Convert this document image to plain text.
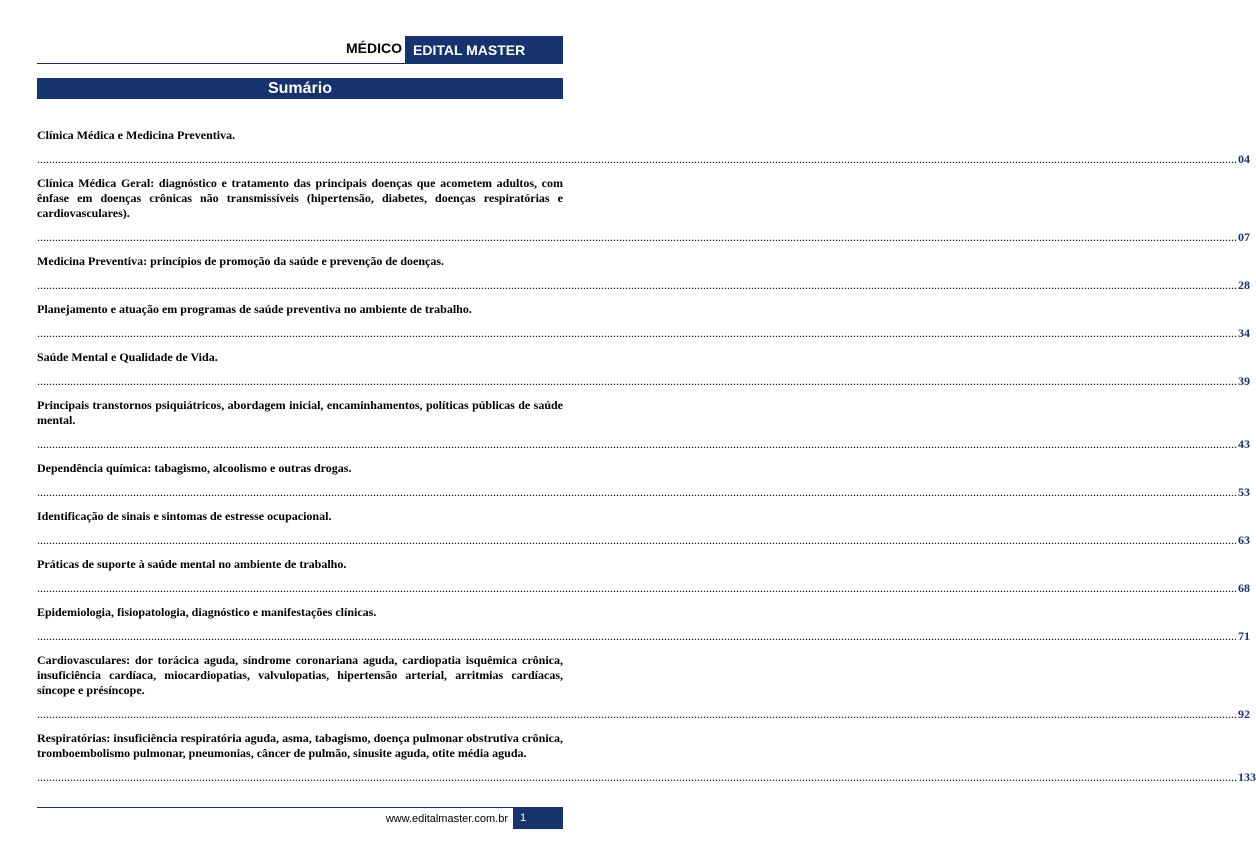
MÉDICO EDITAL MASTER
Sumário
Clínica Médica e Medicina Preventiva.
................................................................................................................................................................................................................................................................................................................................................................................................................ 04
Clínica Médica Geral: diagnóstico e tratamento das principais doenças que acometem adultos, com ênfase em doenças crônicas não transmissíveis (hipertensão, diabetes, doenças respiratórias e cardiovasculares).
................................................................................................................................................................................................................................................................................................................................................................................................................ 07
Medicina Preventiva: princípios de promoção da saúde e prevenção de doenças.
................................................................................................................................................................................................................................................................................................................................................................................................................ 28
Planejamento e atuação em programas de saúde preventiva no ambiente de trabalho.
................................................................................................................................................................................................................................................................................................................................................................................................................ 34
Saúde Mental e Qualidade de Vida.
................................................................................................................................................................................................................................................................................................................................................................................................................ 39
Principais transtornos psiquiátricos, abordagem inicial, encaminhamentos, políticas públicas de saúde mental.
................................................................................................................................................................................................................................................................................................................................................................................................................ 43
Dependência química: tabagismo, alcoolismo e outras drogas.
................................................................................................................................................................................................................................................................................................................................................................................................................ 53
Identificação de sinais e sintomas de estresse ocupacional.
................................................................................................................................................................................................................................................................................................................................................................................................................ 63
Práticas de suporte à saúde mental no ambiente de trabalho.
................................................................................................................................................................................................................................................................................................................................................................................................................ 68
Epidemiologia, fisiopatologia, diagnóstico e manifestações clínicas.
................................................................................................................................................................................................................................................................................................................................................................................................................ 71
Cardiovasculares: dor torácica aguda, síndrome coronariana aguda, cardiopatia isquêmica crônica, insuficiência cardíaca, miocardiopatias, valvulopatias, hipertensão arterial, arritmias cardíacas, síncope e présíncope.
................................................................................................................................................................................................................................................................................................................................................................................................................ 92
Respiratórias: insuficiência respiratória aguda, asma, tabagismo, doença pulmonar obstrutiva crônica, tromboembolismo pulmonar, pneumonias, câncer de pulmão, sinusite aguda, otite média aguda.
................................................................................................................................................................................................................................................................................................................................................................................................................ 133
www.editalmaster.com.br	1
